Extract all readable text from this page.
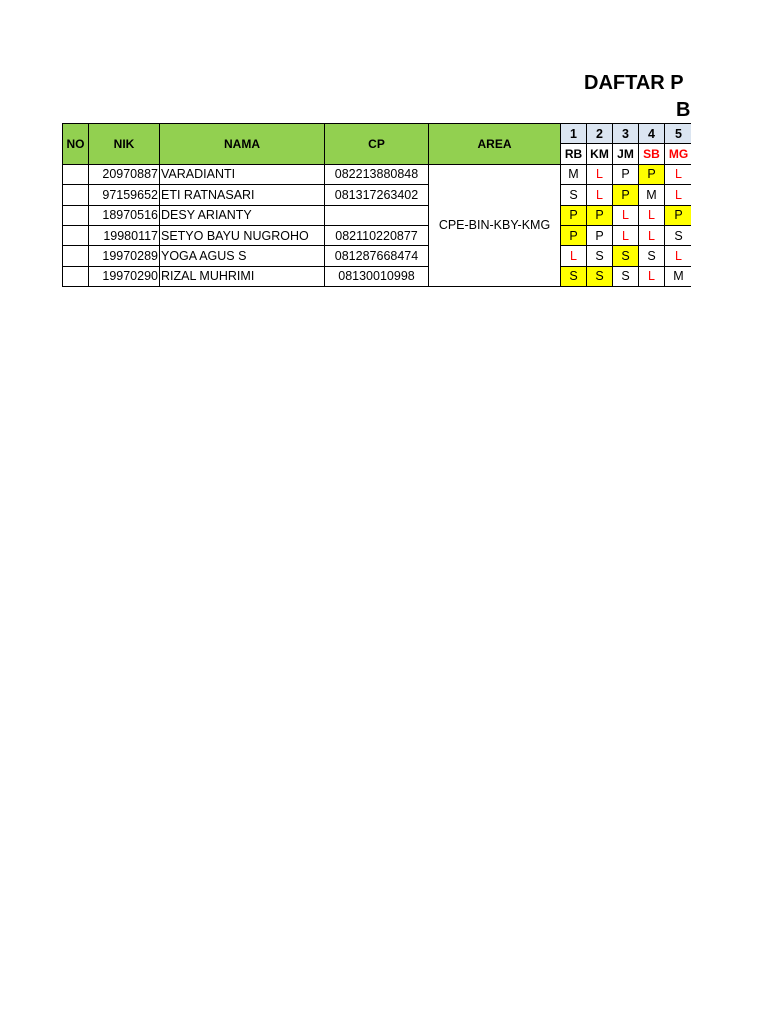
DAFTAR P
B
NO	NIK	NAMA	CP	AREA	1	2	3	4	5
					RB	KM	JM	SB	MG
	20970887	VARADIANTI	082213880848	CPE-BIN-KBY-KMG	M	L	P	P	L
	97159652	ETI RATNASARI	081317263402		S	L	P	M	L
	18970516	DESY ARIANTY			P	P	L	L	P
	19980117	SETYO BAYU NUGROHO	082110220877		P	P	L	L	S
	19970289	YOGA AGUS S	081287668474		L	S	S	S	L
	19970290	RIZAL MUHRIMI	08130010998		S	S	S	L	M
